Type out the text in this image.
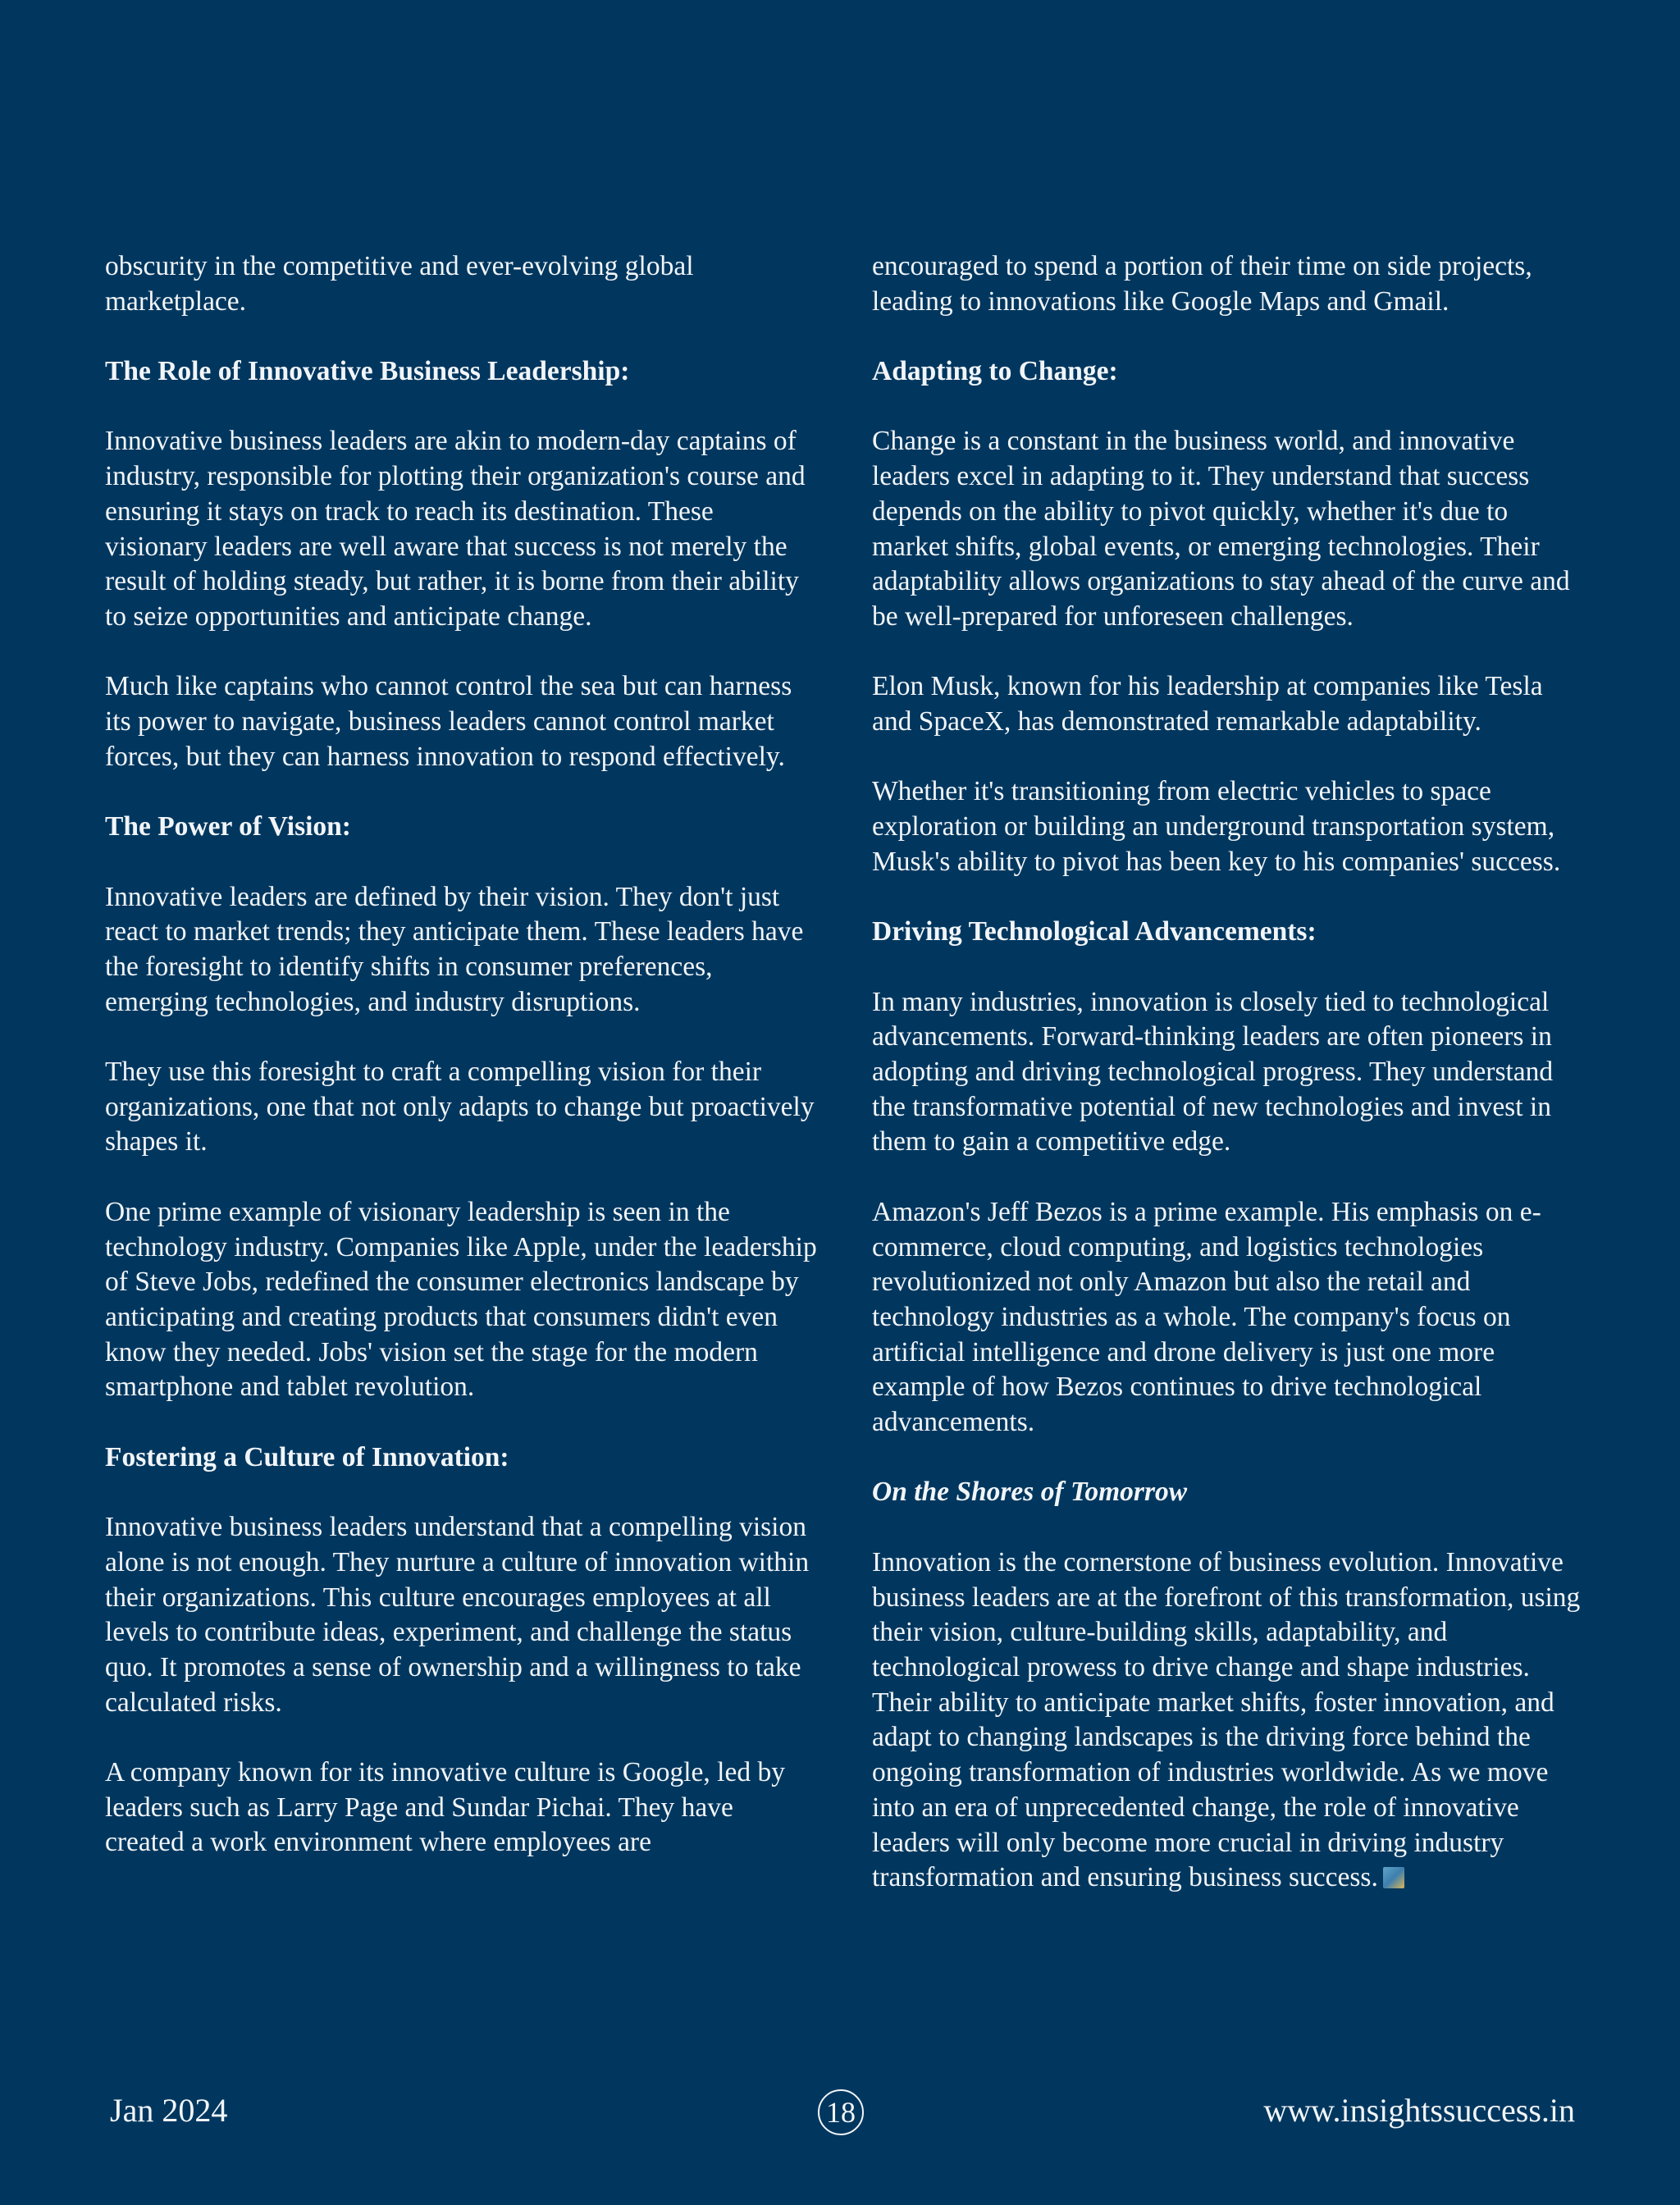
obscurity in the competitive and ever-evolving global marketplace.

The Role of Innovative Business Leadership:

Innovative business leaders are akin to modern-day captains of industry, responsible for plotting their organization's course and ensuring it stays on track to reach its destination. These visionary leaders are well aware that success is not merely the result of holding steady, but rather, it is borne from their ability to seize opportunities and anticipate change.

Much like captains who cannot control the sea but can harness its power to navigate, business leaders cannot control market forces, but they can harness innovation to respond effectively.

The Power of Vision:

Innovative leaders are defined by their vision. They don't just react to market trends; they anticipate them. These leaders have the foresight to identify shifts in consumer preferences, emerging technologies, and industry disruptions.

They use this foresight to craft a compelling vision for their organizations, one that not only adapts to change but proactively shapes it.

One prime example of visionary leadership is seen in the technology industry. Companies like Apple, under the leadership of Steve Jobs, redefined the consumer electronics landscape by anticipating and creating products that consumers didn't even know they needed. Jobs' vision set the stage for the modern smartphone and tablet revolution.

Fostering a Culture of Innovation:

Innovative business leaders understand that a compelling vision alone is not enough. They nurture a culture of innovation within their organizations. This culture encourages employees at all levels to contribute ideas, experiment, and challenge the status quo. It promotes a sense of ownership and a willingness to take calculated risks.

A company known for its innovative culture is Google, led by leaders such as Larry Page and Sundar Pichai. They have created a work environment where employees are

encouraged to spend a portion of their time on side projects, leading to innovations like Google Maps and Gmail.

Adapting to Change:

Change is a constant in the business world, and innovative leaders excel in adapting to it. They understand that success depends on the ability to pivot quickly, whether it's due to market shifts, global events, or emerging technologies. Their adaptability allows organizations to stay ahead of the curve and be well-prepared for unforeseen challenges.

Elon Musk, known for his leadership at companies like Tesla and SpaceX, has demonstrated remarkable adaptability.

Whether it's transitioning from electric vehicles to space exploration or building an underground transportation system, Musk's ability to pivot has been key to his companies' success.

Driving Technological Advancements:

In many industries, innovation is closely tied to technological advancements. Forward-thinking leaders are often pioneers in adopting and driving technological progress. They understand the transformative potential of new technologies and invest in them to gain a competitive edge.

Amazon's Jeff Bezos is a prime example. His emphasis on e-commerce, cloud computing, and logistics technologies revolutionized not only Amazon but also the retail and technology industries as a whole. The company's focus on artificial intelligence and drone delivery is just one more example of how Bezos continues to drive technological advancements.

On the Shores of Tomorrow

Innovation is the cornerstone of business evolution. Innovative business leaders are at the forefront of this transformation, using their vision, culture-building skills, adaptability, and technological prowess to drive change and shape industries. Their ability to anticipate market shifts, foster innovation, and adapt to changing landscapes is the driving force behind the ongoing transformation of industries worldwide. As we move into an era of unprecedented change, the role of innovative leaders will only become more crucial in driving industry transformation and ensuring business success.

Jan 2024	18	www.insightssuccess.in
